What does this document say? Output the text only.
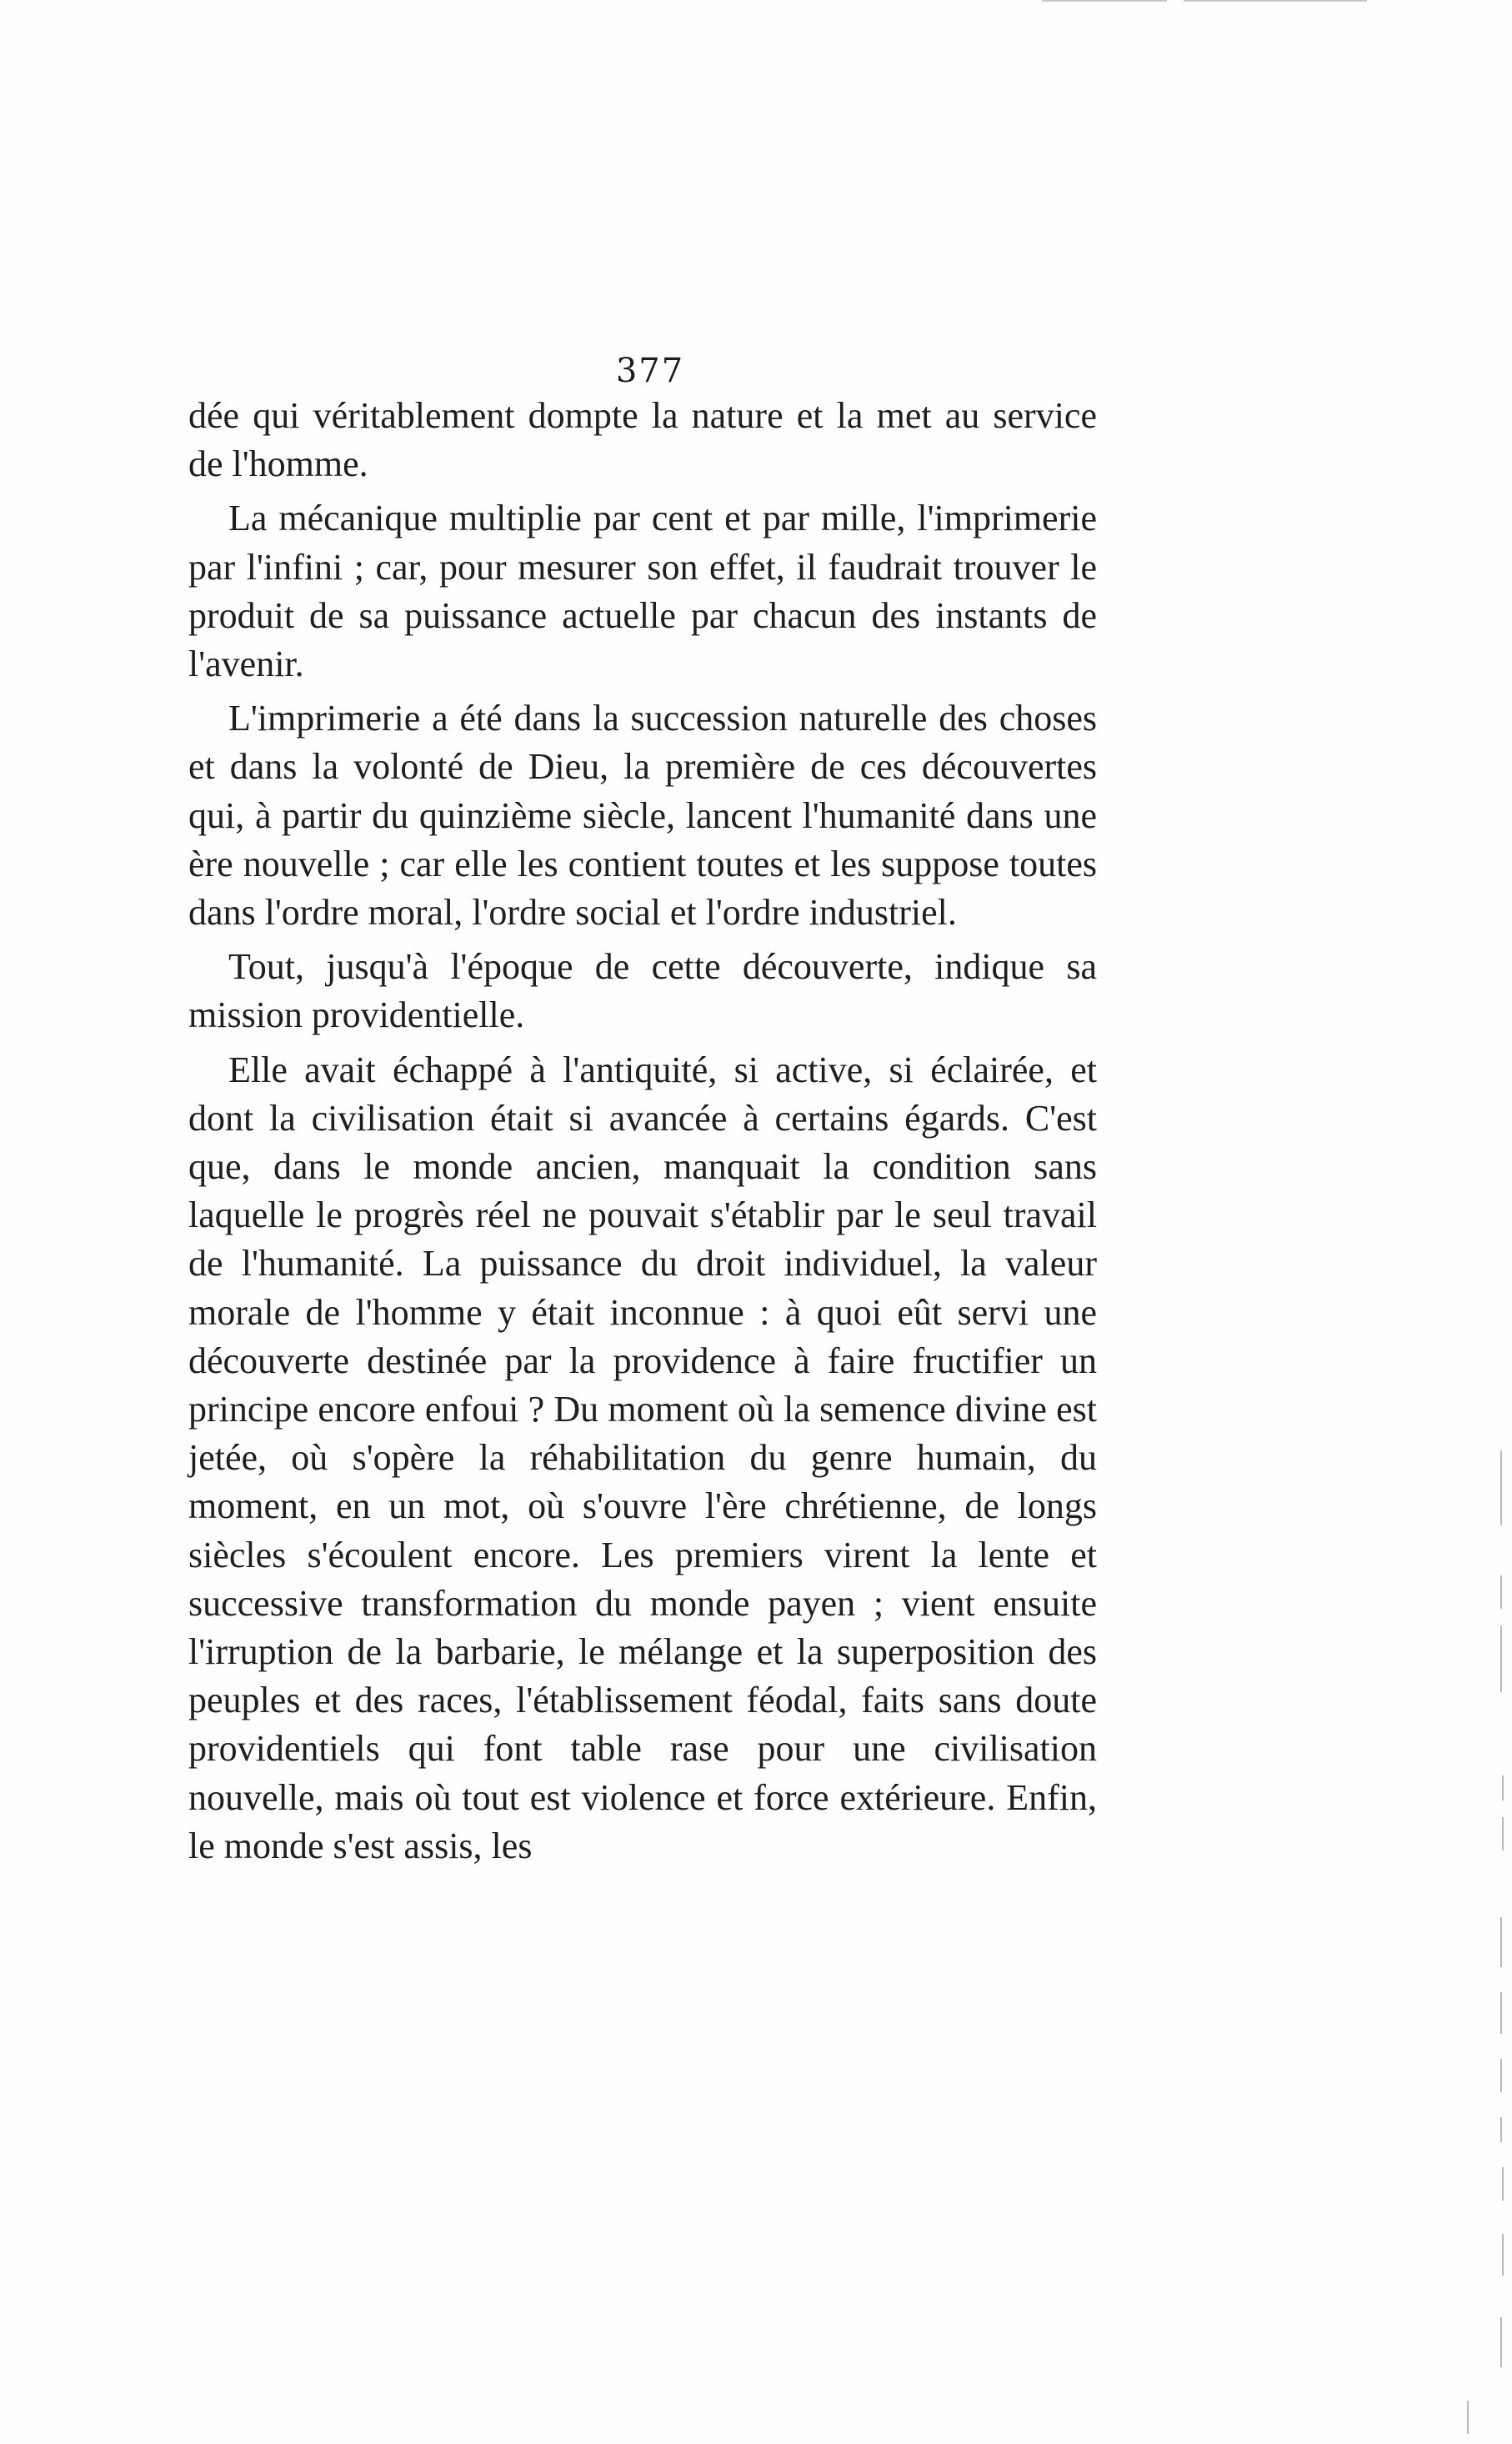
377

dée qui véritablement dompte la nature et la met au service de l'homme.

La mécanique multiplie par cent et par mille, l'imprimerie par l'infini ; car, pour mesurer son effet, il faudrait trouver le produit de sa puissance actuelle par chacun des instants de l'avenir.

L'imprimerie a été dans la succession naturelle des choses et dans la volonté de Dieu, la première de ces découvertes qui, à partir du quinzième siècle, lancent l'humanité dans une ère nouvelle ; car elle les contient toutes et les suppose toutes dans l'ordre moral, l'ordre social et l'ordre industriel.

Tout, jusqu'à l'époque de cette découverte, indique sa mission providentielle.

Elle avait échappé à l'antiquité, si active, si éclairée, et dont la civilisation était si avancée à certains égards. C'est que, dans le monde ancien, manquait la condition sans laquelle le progrès réel ne pouvait s'établir par le seul travail de l'humanité. La puissance du droit individuel, la valeur morale de l'homme y était inconnue : à quoi eût servi une découverte destinée par la providence à faire fructifier un principe encore enfoui ? Du moment où la semence divine est jetée, où s'opère la réhabilitation du genre humain, du moment, en un mot, où s'ouvre l'ère chrétienne, de longs siècles s'écoulent encore. Les premiers virent la lente et successive transformation du monde payen ; vient ensuite l'irruption de la barbarie, le mélange et la superposition des peuples et des races, l'établissement féodal, faits sans doute providentiels qui font table rase pour une civilisation nouvelle, mais où tout est violence et force extérieure. Enfin, le monde s'est assis, les
